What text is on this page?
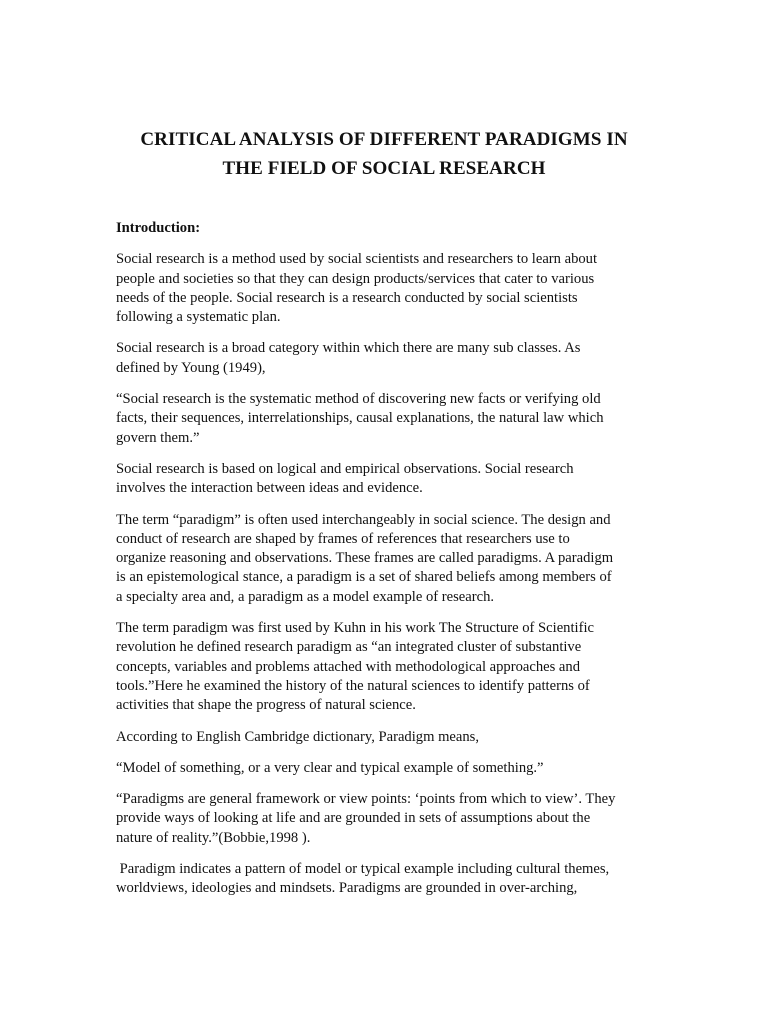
CRITICAL ANALYSIS OF DIFFERENT PARADIGMS IN
THE FIELD OF SOCIAL RESEARCH

Introduction:

Social research is a method used by social scientists and researchers to learn about
people and societies so that they can design products/services that cater to various
needs of the people. Social research is a research conducted by social scientists
following a systematic plan.

Social research is a broad category within which there are many sub classes. As
defined by Young (1949),

“Social research is the systematic method of discovering new facts or verifying old
facts, their sequences, interrelationships, causal explanations, the natural law which
govern them.”

Social research is based on logical and empirical observations. Social research
involves the interaction between ideas and evidence.

The term “paradigm” is often used interchangeably in social science. The design and
conduct of research are shaped by frames of references that researchers use to
organize reasoning and observations. These frames are called paradigms. A paradigm
is an epistemological stance, a paradigm is a set of shared beliefs among members of
a specialty area and, a paradigm as a model example of research.

The term paradigm was first used by Kuhn in his work The Structure of Scientific
revolution he defined research paradigm as “an integrated cluster of substantive
concepts, variables and problems attached with methodological approaches and
tools.”Here he examined the history of the natural sciences to identify patterns of
activities that shape the progress of natural science.

According to English Cambridge dictionary, Paradigm means,

“Model of something, or a very clear and typical example of something.”

“Paradigms are general framework or view points: ‘points from which to view’. They
provide ways of looking at life and are grounded in sets of assumptions about the
nature of reality.”(Bobbie,1998 ).

Paradigm indicates a pattern of model or typical example including cultural themes,
worldviews, ideologies and mindsets. Paradigms are grounded in over-arching,
